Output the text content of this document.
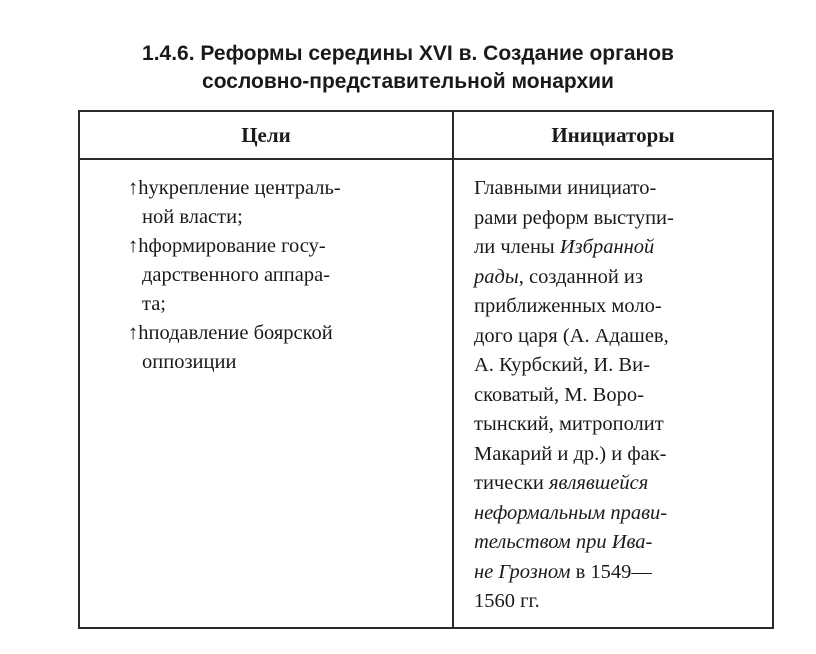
1.4.6. Реформы середины XVI в. Создание органов
сословно-представительной монархии
Цели	Инициаторы
↑hукрепление централь-
ной власти;
↑hформирование госу-
дарственного аппара-
та;
↑hподавление боярской
оппозиции
Главными инициато-
рами реформ выступи-
ли члены Избранной
рады, созданной из
приближенных моло-
дого царя (А. Адашев,
А. Курбский, И. Ви-
сковатый, М. Воро-
тынский, митрополит
Макарий и др.) и фак-
тически являвшейся
неформальным прави-
тельством при Ива-
не Грозном в 1549—
1560 гг.
